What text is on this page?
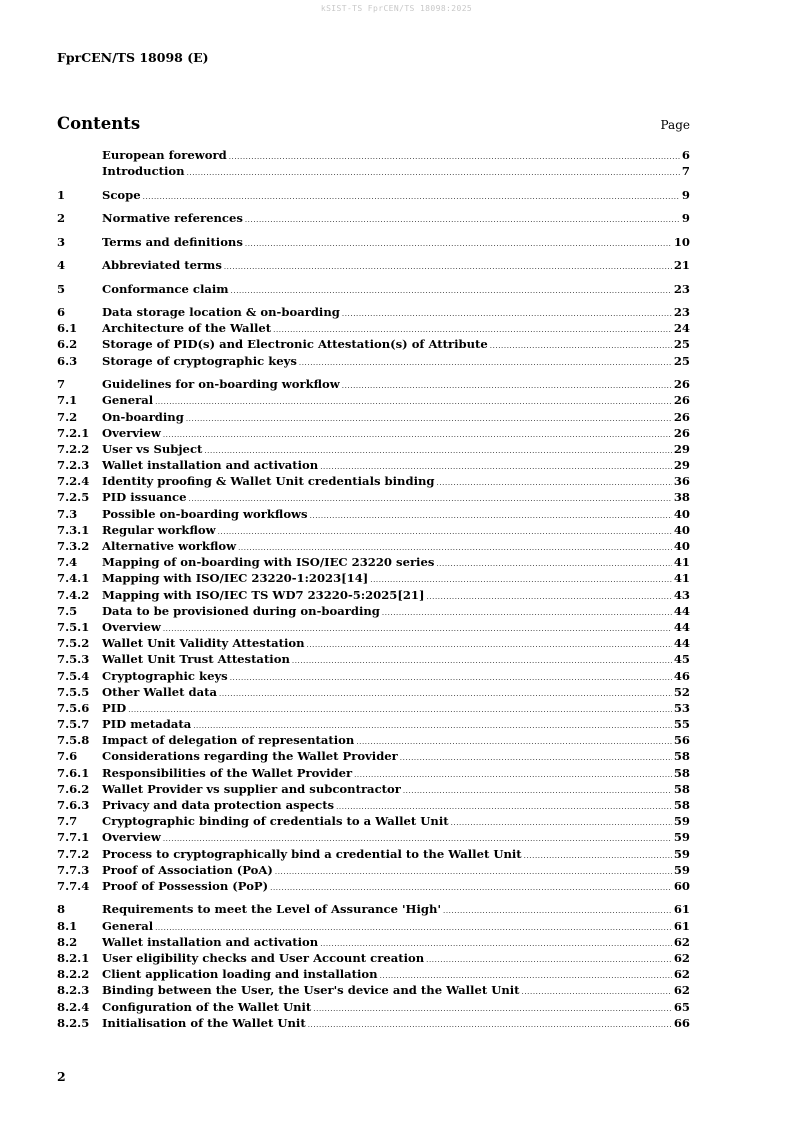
kSIST-TS FprCEN/TS 18098:2025
FprCEN/TS 18098 (E)
Contents	Page
European foreword .....	6
Introduction .....	7
1	Scope .....	9
2	Normative references .....	9
3	Terms and definitions .....	10
4	Abbreviated terms .....	21
5	Conformance claim .....	23
6	Data storage location & on-boarding .....	23
6.1	Architecture of the Wallet .....	24
6.2	Storage of PID(s) and Electronic Attestation(s) of Attribute .....	25
6.3	Storage of cryptographic keys .....	25
7	Guidelines for on-boarding workflow .....	26
7.1	General .....	26
7.2	On-boarding .....	26
7.2.1	Overview .....	26
7.2.2	User vs Subject .....	29
7.2.3	Wallet installation and activation .....	29
7.2.4	Identity proofing & Wallet Unit credentials binding .....	36
7.2.5	PID issuance .....	38
7.3	Possible on-boarding workflows .....	40
7.3.1	Regular workflow .....	40
7.3.2	Alternative workflow .....	40
7.4	Mapping of on-boarding with ISO/IEC 23220 series .....	41
7.4.1	Mapping with ISO/IEC 23220-1:2023[14] .....	41
7.4.2	Mapping with ISO/IEC TS WD7 23220-5:2025[21] .....	43
7.5	Data to be provisioned during on-boarding .....	44
7.5.1	Overview .....	44
7.5.2	Wallet Unit Validity Attestation .....	44
7.5.3	Wallet Unit Trust Attestation .....	45
7.5.4	Cryptographic keys .....	46
7.5.5	Other Wallet data .....	52
7.5.6	PID .....	53
7.5.7	PID metadata .....	55
7.5.8	Impact of delegation of representation .....	56
7.6	Considerations regarding the Wallet Provider .....	58
7.6.1	Responsibilities of the Wallet Provider .....	58
7.6.2	Wallet Provider vs supplier and subcontractor .....	58
7.6.3	Privacy and data protection aspects .....	58
7.7	Cryptographic binding of credentials to a Wallet Unit .....	59
7.7.1	Overview .....	59
7.7.2	Process to cryptographically bind a credential to the Wallet Unit .....	59
7.7.3	Proof of Association (PoA) .....	59
7.7.4	Proof of Possession (PoP) .....	60
8	Requirements to meet the Level of Assurance 'High' .....	61
8.1	General .....	61
8.2	Wallet installation and activation .....	62
8.2.1	User eligibility checks and User Account creation .....	62
8.2.2	Client application loading and installation .....	62
8.2.3	Binding between the User, the User's device and the Wallet Unit .....	62
8.2.4	Configuration of the Wallet Unit .....	65
8.2.5	Initialisation of the Wallet Unit .....	66
2
